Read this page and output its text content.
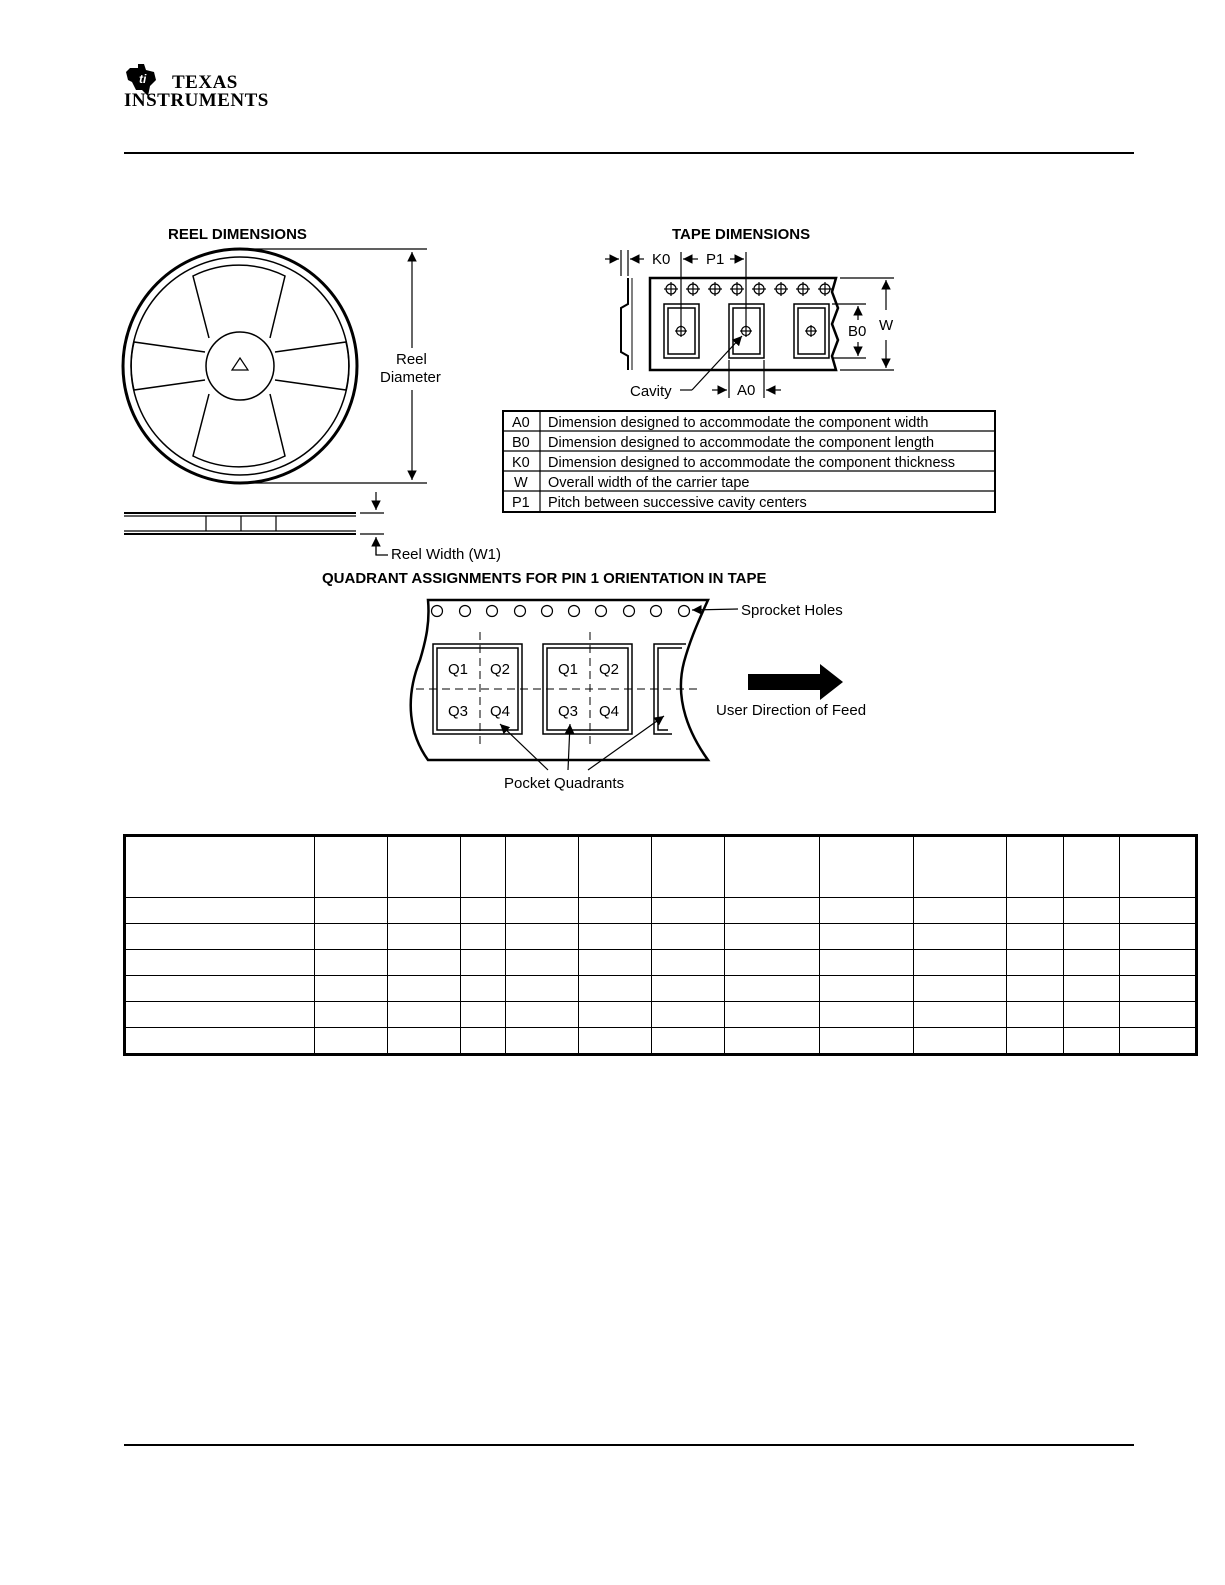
ti TEXAS
INSTRUMENTS
REEL DIMENSIONS
Reel
Diameter
Reel Width (W1)
TAPE DIMENSIONS
K0 P1
B0 W
A0
Cavity
A0 Dimension designed to accommodate the component width
B0 Dimension designed to accommodate the component length
K0 Dimension designed to accommodate the component thickness
W Overall width of the carrier tape
P1 Pitch between successive cavity centers
QUADRANT ASSIGNMENTS FOR PIN 1 ORIENTATION IN TAPE
Q1 Q2
Q3 Q4
Q1 Q2
Q3 Q4
Sprocket Holes
Pocket Quadrants
User Direction of Feed
